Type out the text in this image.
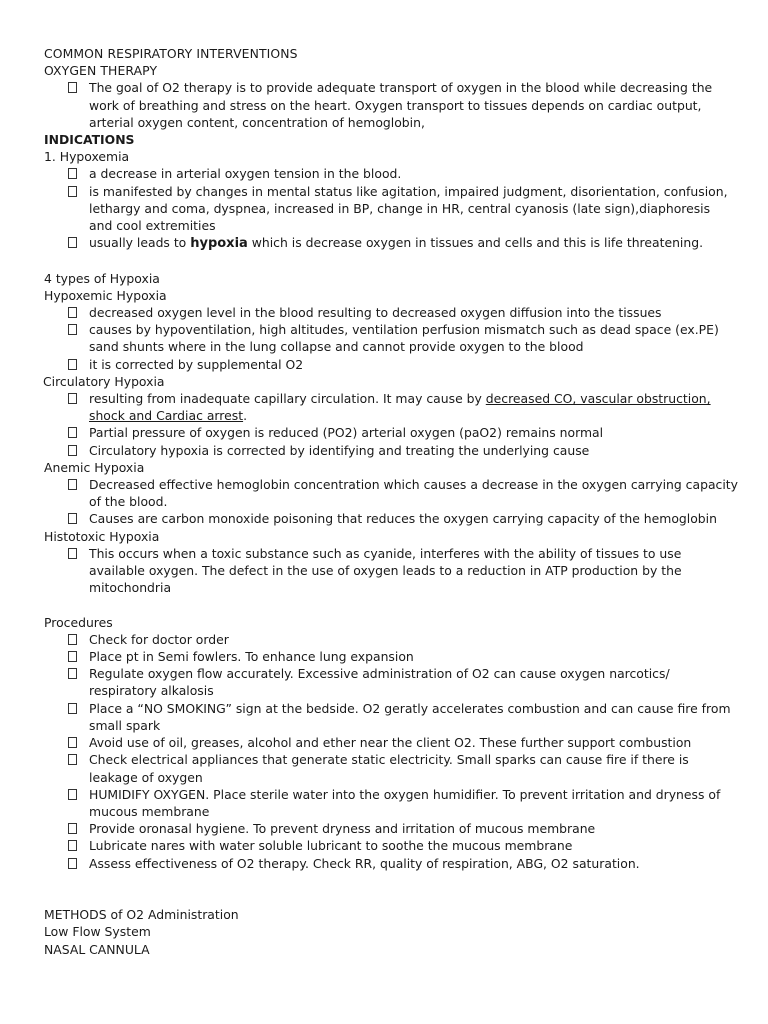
COMMON RESPIRATORY INTERVENTIONS
OXYGEN THERAPY
The goal of O2 therapy is to provide adequate transport of oxygen in the blood while decreasing the
work of breathing and stress on the heart. Oxygen transport to tissues depends on cardiac output,
arterial oxygen content, concentration of hemoglobin,
INDICATIONS
1. Hypoxemia
a decrease in arterial oxygen tension in the blood.
is manifested by changes in mental status like agitation, impaired judgment, disorientation, confusion,
lethargy and coma, dyspnea, increased in BP, change in HR, central cyanosis (late sign),diaphoresis
and cool extremities
usually leads to hypoxia which is decrease oxygen in tissues and cells and this is life threatening.
4 types of Hypoxia
Hypoxemic Hypoxia
decreased oxygen level in the blood resulting to decreased oxygen diffusion into the tissues
causes by hypoventilation, high altitudes, ventilation perfusion mismatch such as dead space (ex.PE)
sand shunts where in the lung collapse and cannot provide oxygen to the blood
it is corrected by supplemental O2
Circulatory Hypoxia
resulting from inadequate capillary circulation. It may cause by decreased CO, vascular obstruction,
shock and Cardiac arrest.
Partial pressure of oxygen is reduced (PO2) arterial oxygen (paO2) remains normal
Circulatory hypoxia is corrected by identifying and treating the underlying cause
Anemic Hypoxia
Decreased effective hemoglobin concentration which causes a decrease in the oxygen carrying capacity
of the blood.
Causes are carbon monoxide poisoning that reduces the oxygen carrying capacity of the hemoglobin
Histotoxic Hypoxia
This occurs when a toxic substance such as cyanide, interferes with the ability of tissues to use
available oxygen. The defect in the use of oxygen leads to a reduction in ATP production by the
mitochondria
Procedures
Check for doctor order
Place pt in Semi fowlers. To enhance lung expansion
Regulate oxygen flow accurately. Excessive administration of O2 can cause oxygen narcotics/
respiratory alkalosis
Place a “NO SMOKING” sign at the bedside. O2 geratly accelerates combustion and can cause fire from
small spark
Avoid use of oil, greases, alcohol and ether near the client O2. These further support combustion
Check electrical appliances that generate static electricity. Small sparks can cause fire if there is
leakage of oxygen
HUMIDIFY OXYGEN. Place sterile water into the oxygen humidifier. To prevent irritation and dryness of
mucous membrane
Provide oronasal hygiene. To prevent dryness and irritation of mucous membrane
Lubricate nares with water soluble lubricant to soothe the mucous membrane
Assess effectiveness of O2 therapy. Check RR, quality of respiration, ABG, O2 saturation.
METHODS of O2 Administration
Low Flow System
NASAL CANNULA
